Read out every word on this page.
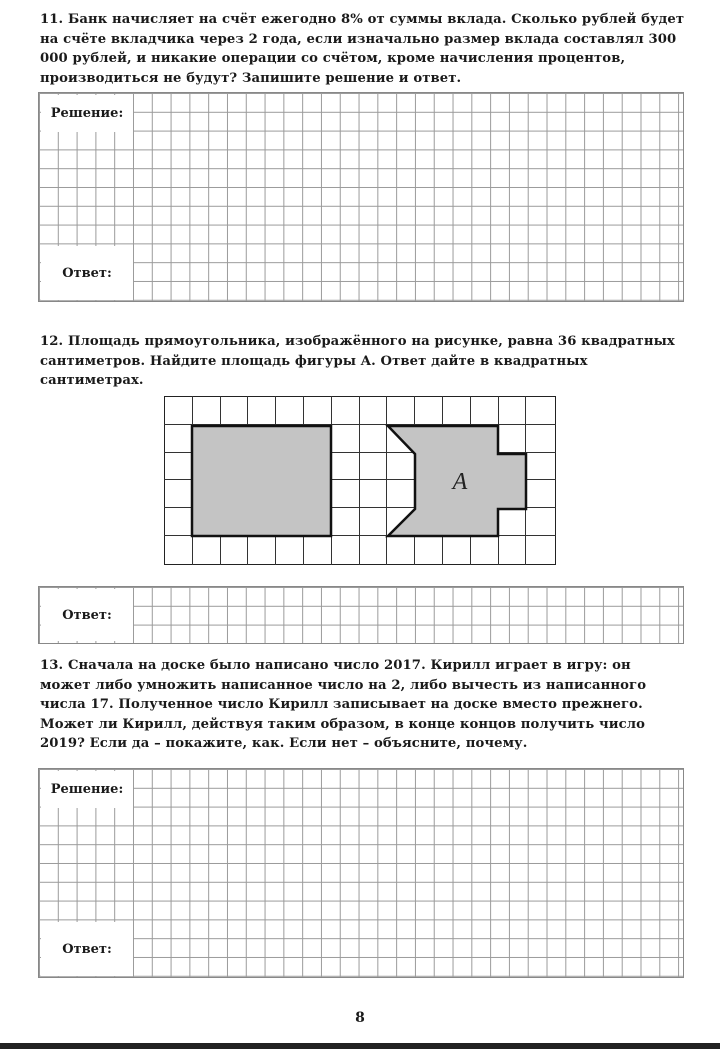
11. Банк начисляет на счёт ежегодно 8% от суммы вклада. Сколько рублей будет на счёте вкладчика через 2 года, если изначально размер вклада составлял 300 000 рублей, и никакие операции со счётом, кроме начисления процентов, производиться не будут? Запишите решение и ответ.
Решение:
Ответ:
12. Площадь прямоугольника, изображённого на рисунке, равна 36 квадратных сантиметров. Найдите площадь фигуры A. Ответ дайте в квадратных сантиметрах.
A
Ответ:
13. Сначала на доске было написано число 2017. Кирилл играет в игру: он может либо умножить написанное число на 2, либо вычесть из написанного числа 17. Полученное число Кирилл записывает на доске вместо прежнего. Может ли Кирилл, действуя таким образом, в конце концов получить число 2019? Если да – покажите, как. Если нет – объясните, почему.
Решение:
Ответ:
8
